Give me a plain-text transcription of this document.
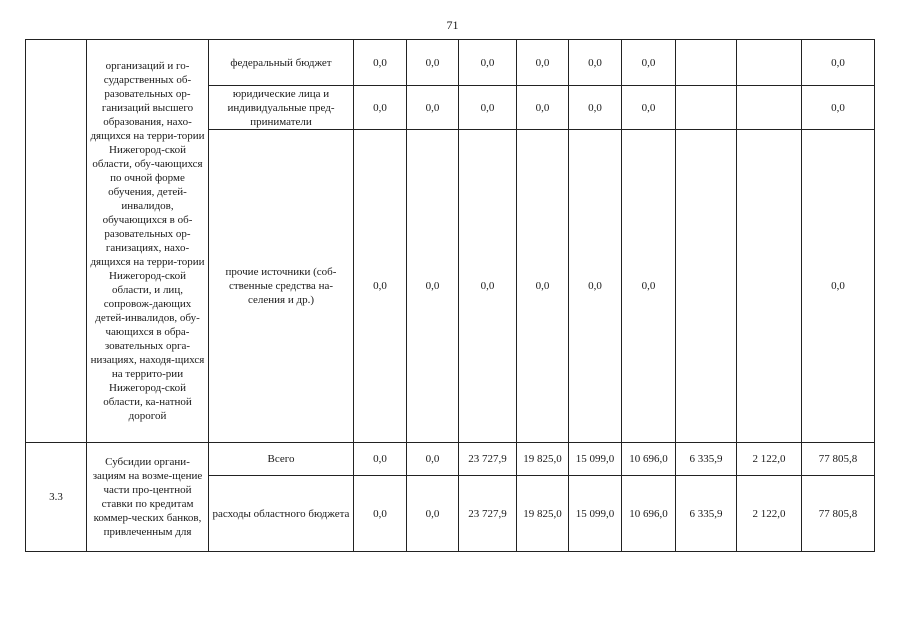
71
	организаций и го-сударственных об-разовательных ор-ганизаций высшего образования, нахо-дящихся на терри-тории Нижегород-ской области, обу-чающихся по очной форме обучения, детей-инвалидов, обучающихся в об-разовательных ор-ганизациях, нахо-дящихся на терри-тории Нижегород-ской области, и лиц, сопровож-дающих детей-инвалидов, обу-чающихся в обра-зовательных орга-низациях, находя-щихся на террито-рии Нижегород-ской области, ка-натной дорогой	федеральный бюджет	0,0	0,0	0,0	0,0	0,0	0,0			0,0
		юридические лица и индивидуальные пред-приниматели	0,0	0,0	0,0	0,0	0,0	0,0			0,0
		прочие источники (соб-ственные средства на-селения и др.)	0,0	0,0	0,0	0,0	0,0	0,0			0,0
3.3	Субсидии органи-зациям на возме-щение части про-центной ставки по кредитам коммер-ческих банков, привлеченным для	Всего	0,0	0,0	23 727,9	19 825,0	15 099,0	10 696,0	6 335,9	2 122,0	77 805,8
		расходы областного бюджета	0,0	0,0	23 727,9	19 825,0	15 099,0	10 696,0	6 335,9	2 122,0	77 805,8
